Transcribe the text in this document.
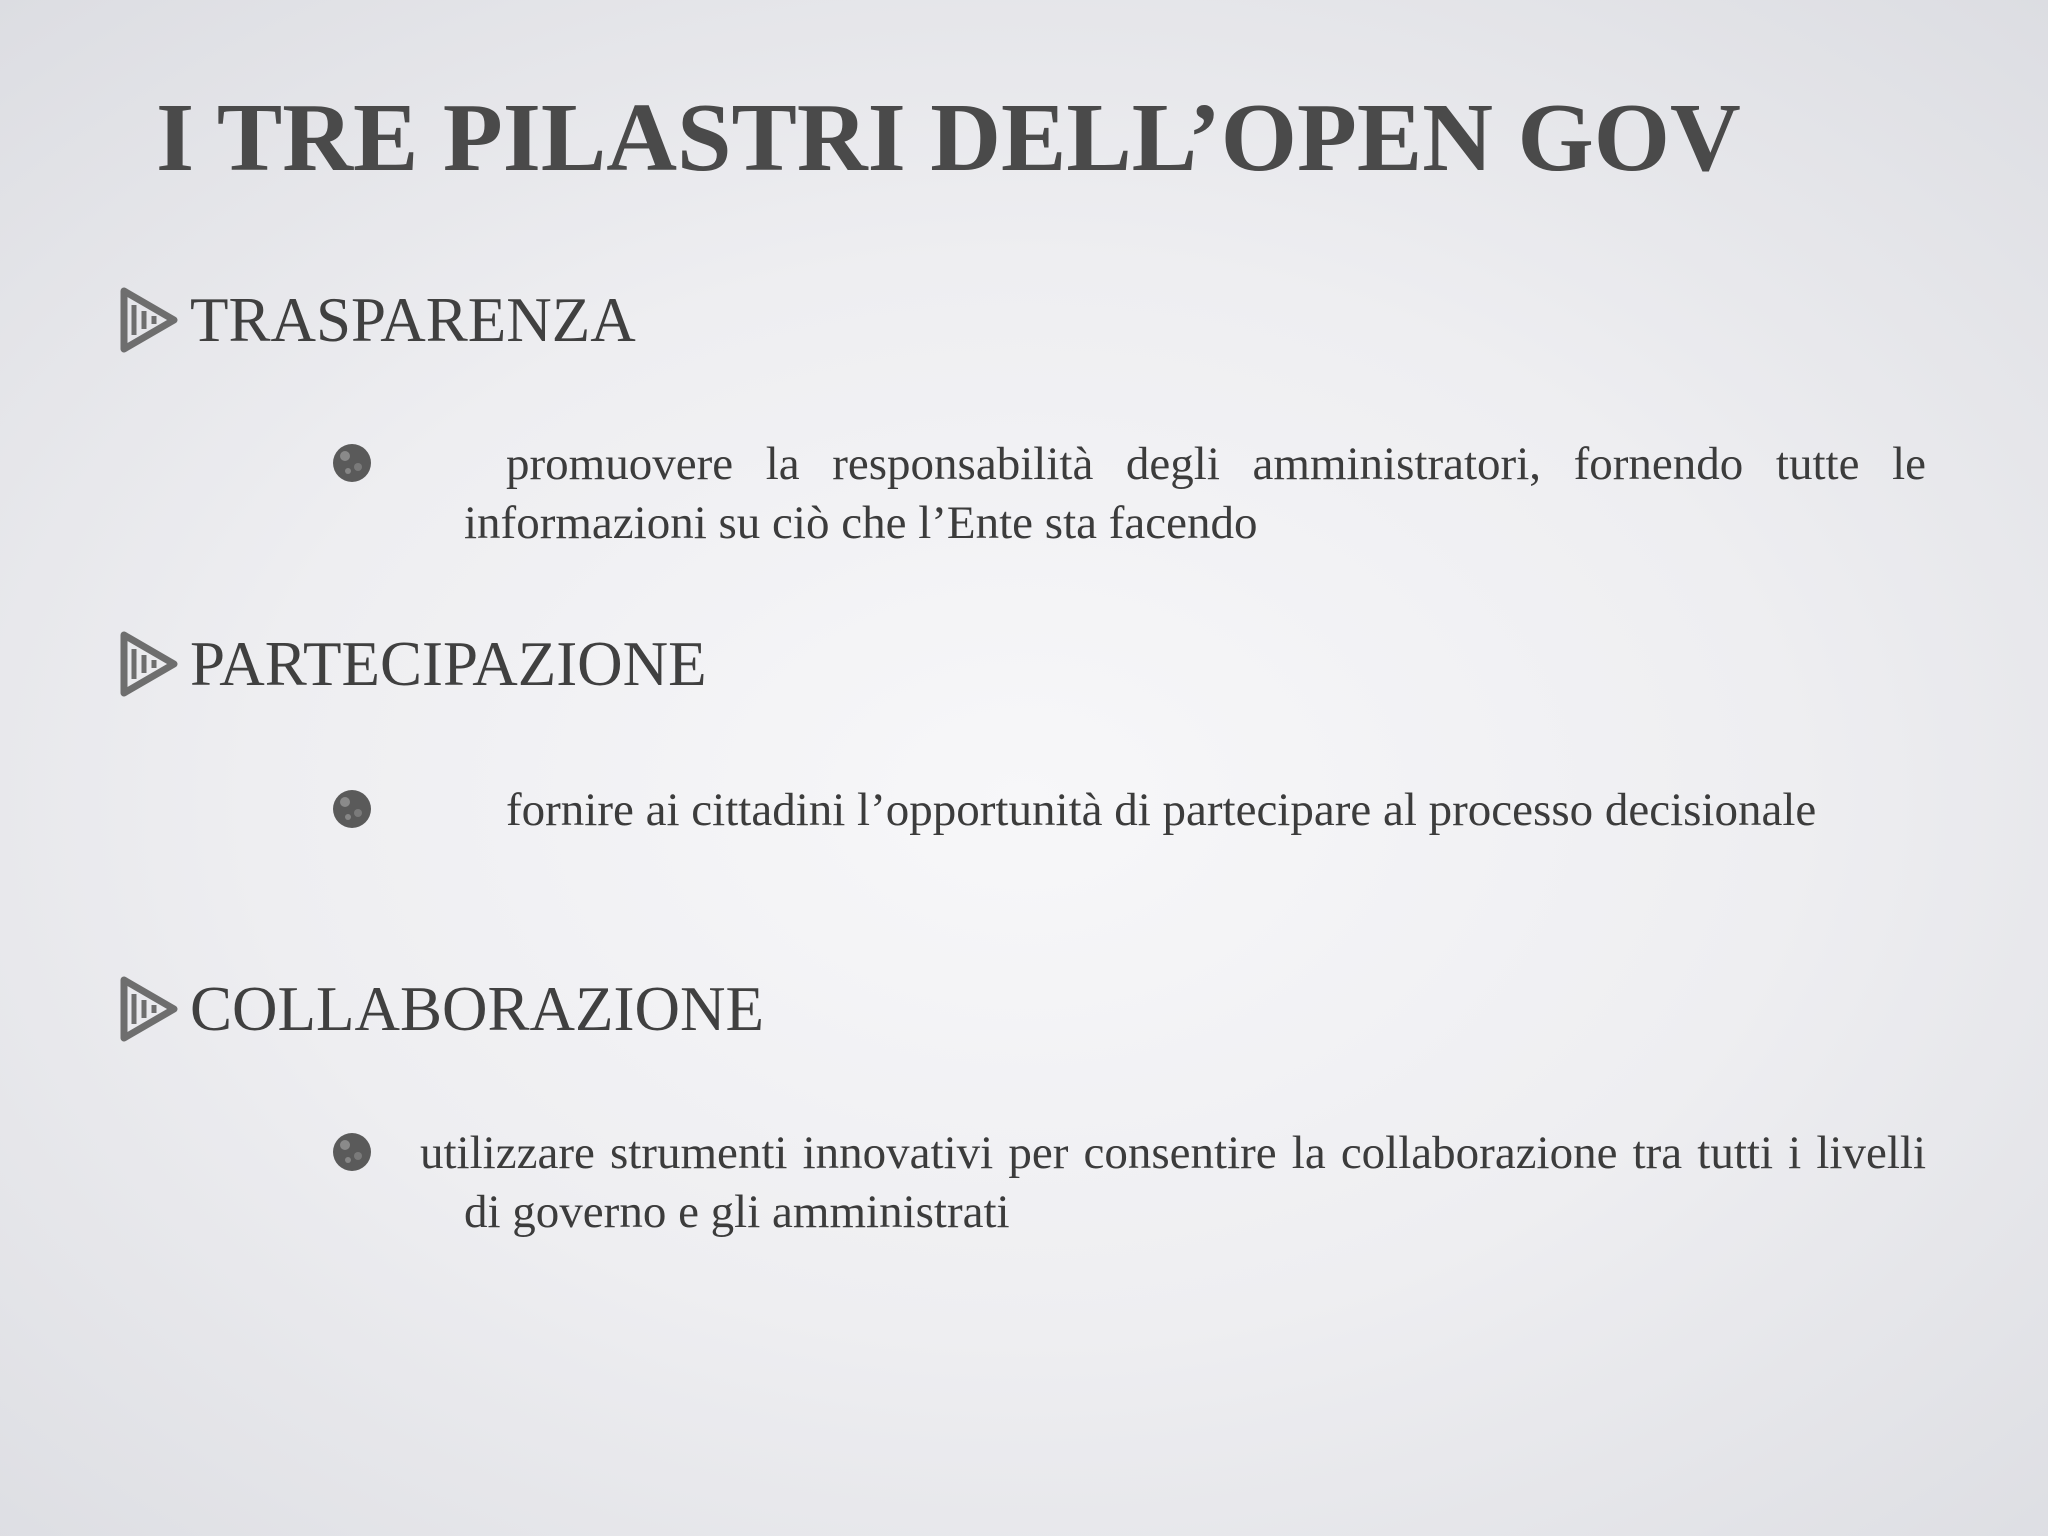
I TRE PILASTRI DELL’OPEN GOV
TRASPARENZA

promuovere la responsabilità degli amministratori, fornendo tutte le informazioni su ciò che l’Ente sta facendo

PARTECIPAZIONE

fornire ai cittadini l’opportunità di partecipare al processo decisionale

COLLABORAZIONE

utilizzare strumenti innovativi per consentire la collaborazione tra tutti i livelli di governo e gli amministrati
